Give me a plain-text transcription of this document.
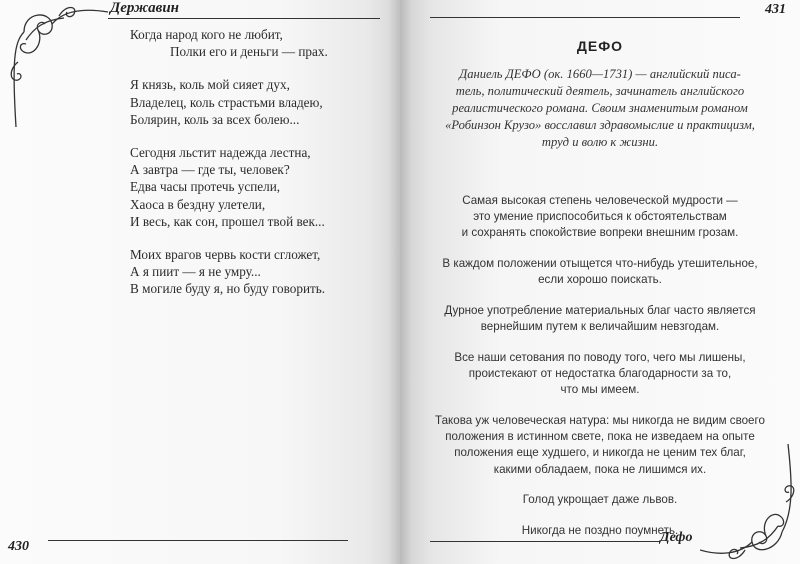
Державин
Когда народ кого не любит,
Полки его и деньги — прах.
Я князь, коль мой сияет дух,
Владелец, коль страстьми владею,
Болярин, коль за всех болею...
Сегодня льстит надежда лестна,
А завтра — где ты, человек?
Едва часы протечь успели,
Хаоса в бездну улетели,
И весь, как сон, прошел твой век...
Моих врагов червь кости сгложет,
А я пиит — я не умру...
В могиле буду я, но буду говорить.
430
431
ДЕФО
Даниель ДЕФО (ок. 1660—1731) — английский писа-
тель, политический деятель, зачинатель английского
реалистического романа. Своим знаменитым романом
«Робинзон Крузо» восславил здравомыслие и практицизм,
труд и волю к жизни.
Самая высокая степень человеческой мудрости —
это умение приспособиться к обстоятельствам
и сохранять спокойствие вопреки внешним грозам.
В каждом положении отыщется что-нибудь утешительное,
если хорошо поискать.
Дурное употребление материальных благ часто является
вернейшим путем к величайшим невзгодам.
Все наши сетования по поводу того, чего мы лишены,
проистекают от недостатка благодарности за то,
что мы имеем.
Такова уж человеческая натура: мы никогда не видим своего
положения в истинном свете, пока не изведаем на опыте
положения еще худшего, и никогда не ценим тех благ,
какими обладаем, пока не лишимся их.
Голод укрощает даже львов.
Никогда не поздно поумнеть.
Дефо
